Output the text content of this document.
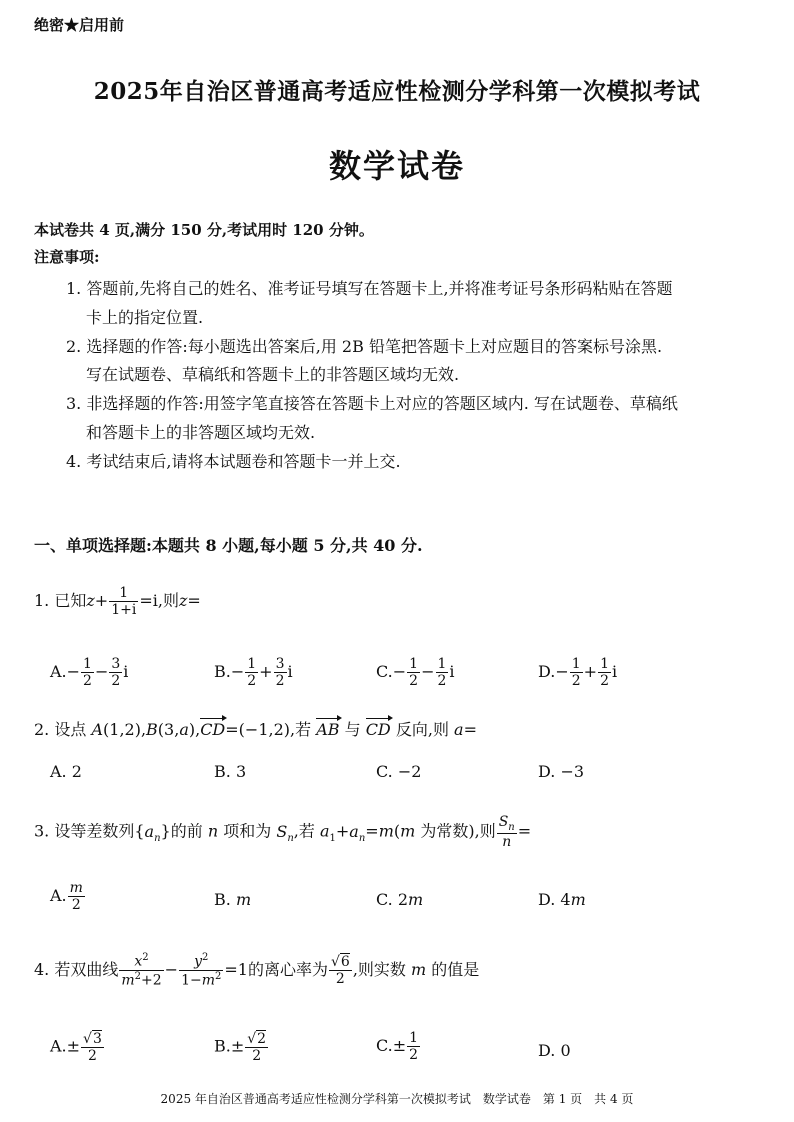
绝密★启用前
2025年自治区普通高考适应性检测分学科第一次模拟考试
数学试卷
本试卷共 4 页,满分 150 分,考试用时 120 分钟。
注意事项:
1. 答题前,先将自己的姓名、准考证号填写在答题卡上,并将准考证号条形码粘贴在答题
卡上的指定位置.
2. 选择题的作答:每小题选出答案后,用 2B 铅笔把答题卡上对应题目的答案标号涂黑.
写在试题卷、草稿纸和答题卡上的非答题区域均无效.
3. 非选择题的作答:用签字笔直接答在答题卡上对应的答题区域内. 写在试题卷、草稿纸
和答题卡上的非答题区域均无效.
4. 考试结束后,请将本试题卷和答题卡一并上交.
一、单项选择题:本题共 8 小题,每小题 5 分,共 40 分.
1. 已知$z+ \frac{1}{1+i} =i$,则z=
$A.- \frac{1}{2} - \frac{3}{2}$ i	$B.- \frac{1}{2} + \frac{3}{2}$ i	$C.- \frac{1}{2} - \frac{1}{2}$ i	$D.- \frac{1}{2} + \frac{1}{2}$ i
2. 设点 A(1,2),B(3,a),CD=(−1,2),若 AB 与 CD 反向,则 a=
A. 2	B. 3	C. −2	D. −3
3. 设等差数列$\{a_n\}$的前 n 项和为 $S_n$,若 $a_1+a_n=m(m$ 为常数),则 $\frac{S_n}{n}$ =
A. $\frac{m}{2}$	B. m	C. 2m	D. 4m
4. 若双曲线 $\frac{x^2}{m^2+2} - \frac{y^2}{1-m^2} =1$的离心率为 $\frac{√6}{2}$ ,则实数 m 的值是
$A.\pm \frac{√3}{2}$	$B.\pm \frac{√2}{2}$	$C.\pm \frac{1}{2}$	D. 0
2025 年自治区普通高考适应性检测分学科第一次模拟考试　数学试卷　第 1 页　共 4 页
